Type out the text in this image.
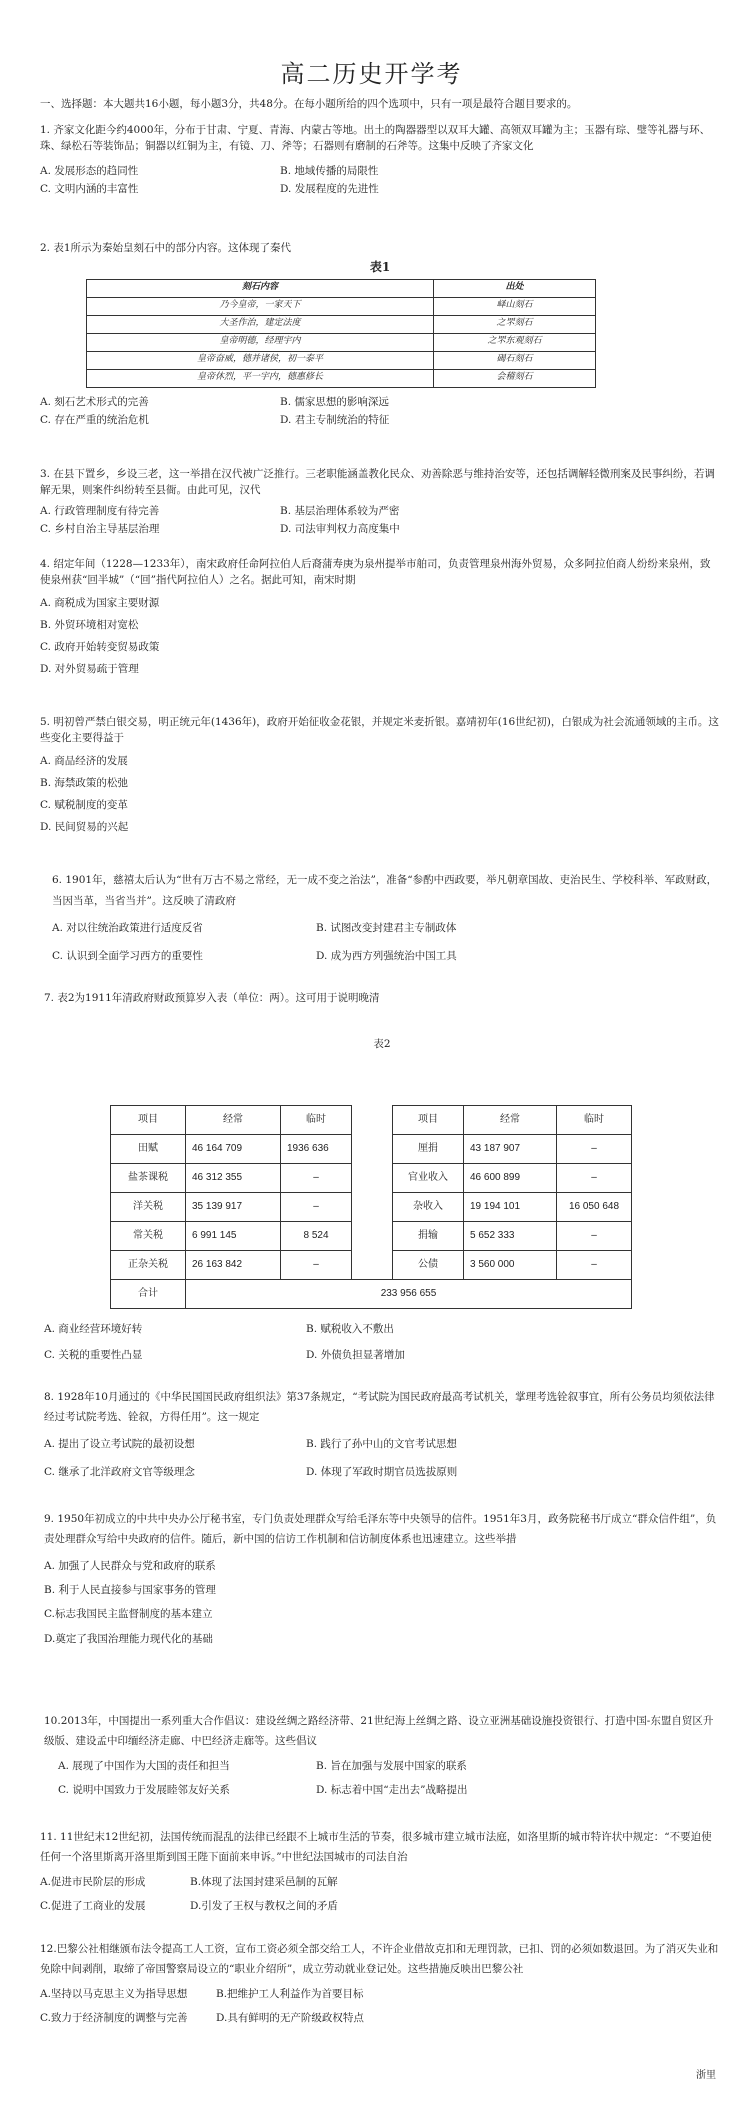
高二历史开学考
一、选择题：本大题共16小题，每小题3分，共48分。在每小题所给的四个选项中，只有一项是最符合题目要求的。

1. 齐家文化距今约4000年，分布于甘肃、宁夏、青海、内蒙古等地。出土的陶器器型以双耳大罐、高领双耳罐为主；玉器有琮、璧等礼器与环、珠、绿松石等装饰品；铜器以红铜为主，有镜、刀、斧等；石器则有磨制的石斧等。这集中反映了齐家文化

A. 发展形态的趋同性	B. 地域传播的局限性
C. 文明内涵的丰富性	D. 发展程度的先进性

2. 表1所示为秦始皇刻石中的部分内容。这体现了秦代

表1
刻石内容	出处
乃今皇帝，一家天下	峄山刻石
大圣作治，建定法度	之罘刻石
皇帝明德，经理宇内	之罘东观刻石
皇帝奋威，德并诸侯，初一泰平	碣石刻石
皇帝休烈，平一宇内，德惠修长	会稽刻石
A. 刻石艺术形式的完善	B. 儒家思想的影响深远
C. 存在严重的统治危机	D. 君主专制统治的特征

3. 在县下置乡，乡设三老，这一举措在汉代被广泛推行。三老职能涵盖教化民众、劝善除恶与维持治安等，还包括调解轻微刑案及民事纠纷，若调解无果，则案件纠纷转至县衙。由此可见，汉代

A. 行政管理制度有待完善	B. 基层治理体系较为严密
C. 乡村自治主导基层治理	D. 司法审判权力高度集中

4. 绍定年间（1228—1233年），南宋政府任命阿拉伯人后裔蒲寿庚为泉州提举市舶司，负责管理泉州海外贸易，众多阿拉伯商人纷纷来泉州，致使泉州获“回半城”（“回”指代阿拉伯人）之名。据此可知，南宋时期

A. 商税成为国家主要财源
B. 外贸环境相对宽松
C. 政府开始转变贸易政策
D. 对外贸易疏于管理

5. 明初曾严禁白银交易，明正统元年(1436年)，政府开始征收金花银，并规定米麦折银。嘉靖初年(16世纪初)，白银成为社会流通领域的主币。这些变化主要得益于

A. 商品经济的发展
B. 海禁政策的松弛
C. 赋税制度的变革
D. 民间贸易的兴起

6. 1901年，慈禧太后认为“世有万古不易之常经，无一成不变之治法”，准备“参酌中西政要，举凡朝章国故、吏治民生、学校科举、军政财政，当因当革，当省当并”。这反映了清政府

A. 对以往统治政策进行适度反省	B. 试图改变封建君主专制政体
C. 认识到全面学习西方的重要性	D. 成为西方列强统治中国工具

7. 表2为1911年清政府财政预算岁入表（单位：两）。这可用于说明晚清

表2
项目	经常	临时		项目	经常	临时
田赋	46 164 709	1936 636		厘捐	43 187 907	–
盐茶课税	46 312 355	–		官业收入	46 600 899	–
洋关税	35 139 917	–		杂收入	19 194 101	16 050 648
常关税	6 991 145	8 524		捐输	5 652 333	–
正杂关税	26 163 842	–		公债	3 560 000	–
合计	233 956 655					
A. 商业经营环境好转	B. 赋税收入不敷出
C. 关税的重要性凸显	D. 外债负担显著增加

8. 1928年10月通过的《中华民国国民政府组织法》第37条规定，“考试院为国民政府最高考试机关，掌理考选铨叙事宜，所有公务员均须依法律经过考试院考选、铨叙，方得任用”。这一规定

A. 提出了设立考试院的最初设想	B. 践行了孙中山的文官考试思想
C. 继承了北洋政府文官等级理念	D. 体现了军政时期官员选拔原则

9. 1950年初成立的中共中央办公厅秘书室，专门负责处理群众写给毛泽东等中央领导的信件。1951年3月，政务院秘书厅成立“群众信件组”，负责处理群众写给中央政府的信件。随后，新中国的信访工作机制和信访制度体系也迅速建立。这些举措

A. 加强了人民群众与党和政府的联系
B. 利于人民直接参与国家事务的管理
C.标志我国民主监督制度的基本建立
D.奠定了我国治理能力现代化的基础

10.2013年，中国提出一系列重大合作倡议：建设丝绸之路经济带、21世纪海上丝绸之路、设立亚洲基础设施投资银行、打造中国-东盟自贸区升级版、建设孟中印缅经济走廊、中巴经济走廊等。这些倡议

A. 展现了中国作为大国的责任和担当	B. 旨在加强与发展中国家的联系
C. 说明中国致力于发展睦邻友好关系	D. 标志着中国“走出去”战略提出

11. 11世纪末12世纪初，法国传统而混乱的法律已经跟不上城市生活的节奏，很多城市建立城市法庭，如洛里斯的城市特许状中规定：“不要迫使任何一个洛里斯离开洛里斯到国王陛下面前来申诉。”中世纪法国城市的司法自治

A.促进市民阶层的形成	B.体现了法国封建采邑制的瓦解
C.促进了工商业的发展	D.引发了王权与教权之间的矛盾

12.巴黎公社相继颁布法令提高工人工资，宣布工资必须全部交给工人，不许企业借故克扣和无理罚款，已扣、罚的必须如数退回。为了消灭失业和免除中间剥削，取缔了帝国警察局设立的“职业介绍所”，成立劳动就业登记处。这些措施反映出巴黎公社

A.坚持以马克思主义为指导思想	B.把维护工人利益作为首要目标
C.致力于经济制度的调整与完善	D.具有鲜明的无产阶级政权特点
浙里
